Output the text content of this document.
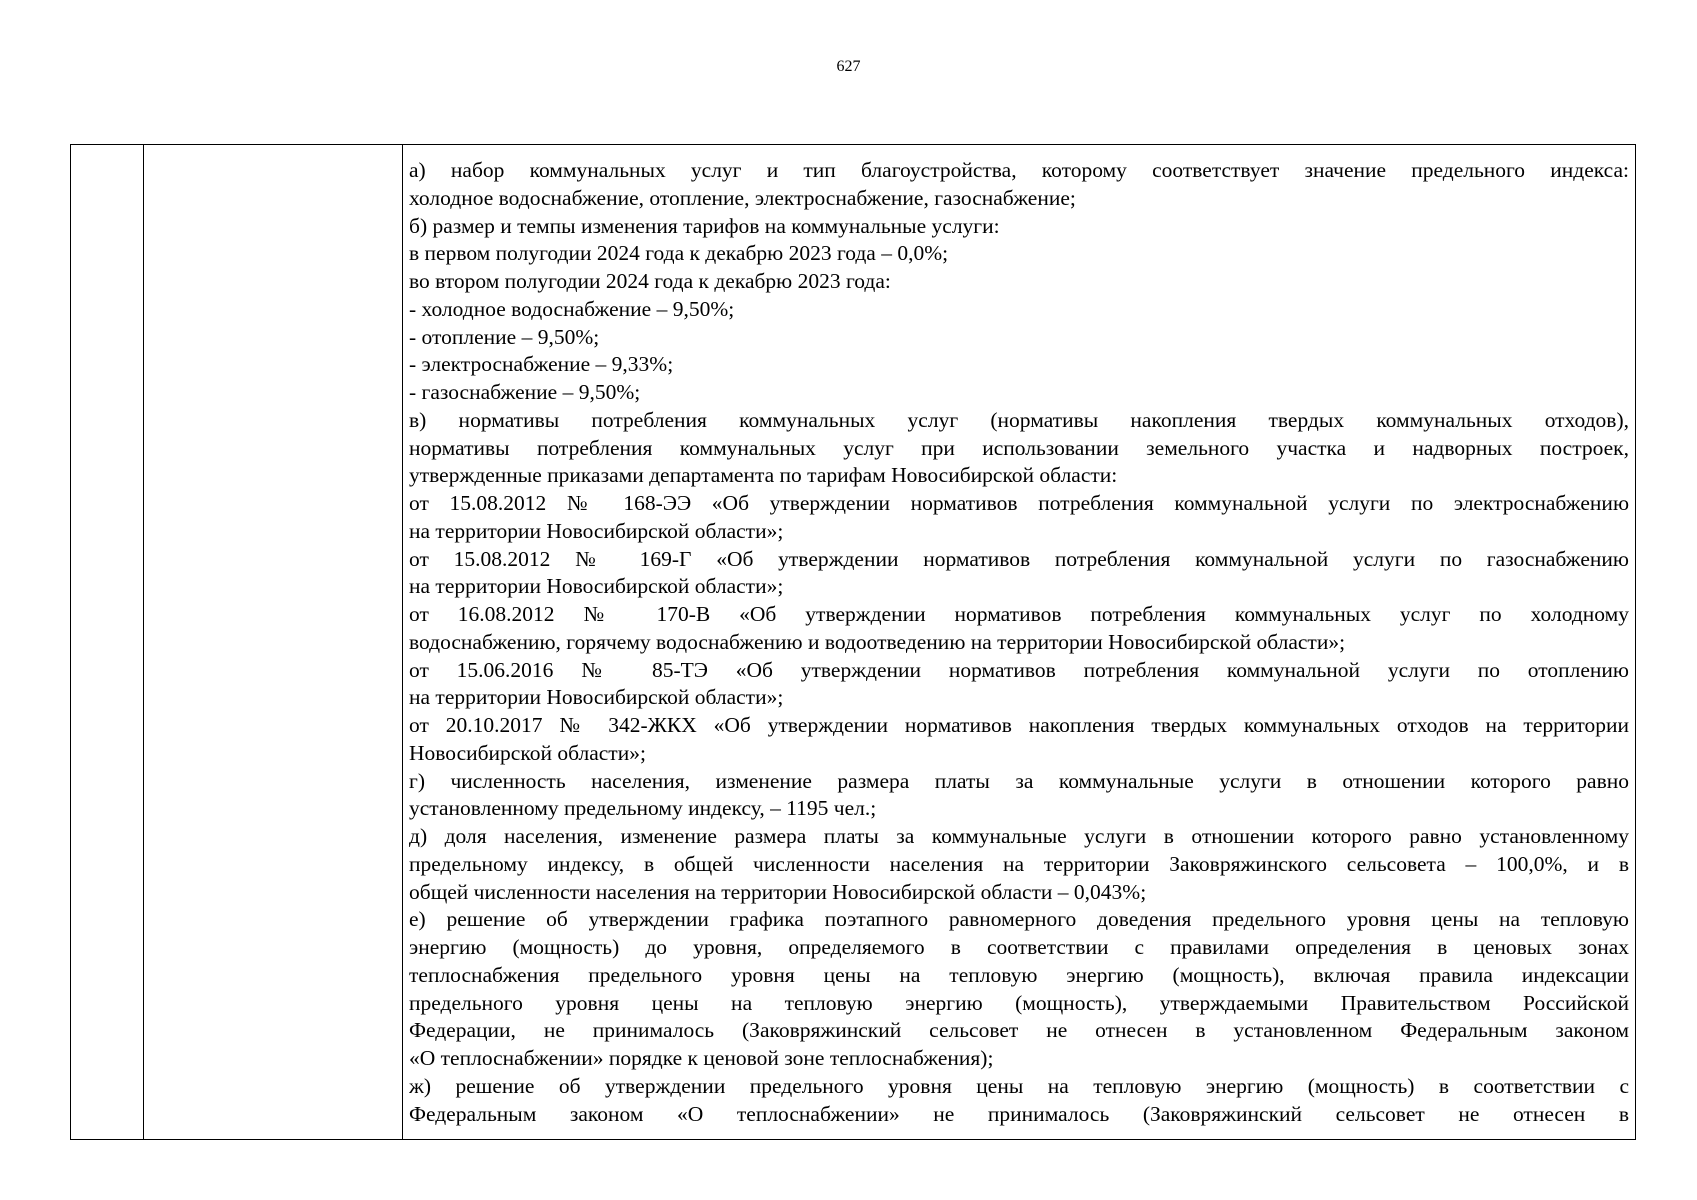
627

а) набор коммунальных услуг и тип благоустройства, которому соответствует значение предельного индекса:
холодное водоснабжение, отопление, электроснабжение, газоснабжение;
б) размер и темпы изменения тарифов на коммунальные услуги:
в первом полугодии 2024 года к декабрю 2023 года – 0,0%;
во втором полугодии 2024 года к декабрю 2023 года:
- холодное водоснабжение – 9,50%;
- отопление – 9,50%;
- электроснабжение – 9,33%;
- газоснабжение – 9,50%;
в) нормативы потребления коммунальных услуг (нормативы накопления твердых коммунальных отходов),
нормативы потребления коммунальных услуг при использовании земельного участка и надворных построек,
утвержденные приказами департамента по тарифам Новосибирской области:
от 15.08.2012 № 168-ЭЭ «Об утверждении нормативов потребления коммунальной услуги по электроснабжению
на территории Новосибирской области»;
от 15.08.2012 № 169-Г «Об утверждении нормативов потребления коммунальной услуги по газоснабжению
на территории Новосибирской области»;
от 16.08.2012 № 170-В «Об утверждении нормативов потребления коммунальных услуг по холодному
водоснабжению, горячему водоснабжению и водоотведению на территории Новосибирской области»;
от 15.06.2016 № 85-ТЭ «Об утверждении нормативов потребления коммунальной услуги по отоплению
на территории Новосибирской области»;
от 20.10.2017 № 342-ЖКХ «Об утверждении нормативов накопления твердых коммунальных отходов на территории
Новосибирской области»;
г) численность населения, изменение размера платы за коммунальные услуги в отношении которого равно
установленному предельному индексу, – 1195 чел.;
д) доля населения, изменение размера платы за коммунальные услуги в отношении которого равно установленному
предельному индексу, в общей численности населения на территории Заковряжинского сельсовета – 100,0%, и в
общей численности населения на территории Новосибирской области – 0,043%;
е) решение об утверждении графика поэтапного равномерного доведения предельного уровня цены на тепловую
энергию (мощность) до уровня, определяемого в соответствии с правилами определения в ценовых зонах
теплоснабжения предельного уровня цены на тепловую энергию (мощность), включая правила индексации
предельного уровня цены на тепловую энергию (мощность), утверждаемыми Правительством Российской
Федерации, не принималось (Заковряжинский сельсовет не отнесен в установленном Федеральным законом
«О теплоснабжении» порядке к ценовой зоне теплоснабжения);
ж) решение об утверждении предельного уровня цены на тепловую энергию (мощность) в соответствии с
Федеральным законом «О теплоснабжении» не принималось (Заковряжинский сельсовет не отнесен в
